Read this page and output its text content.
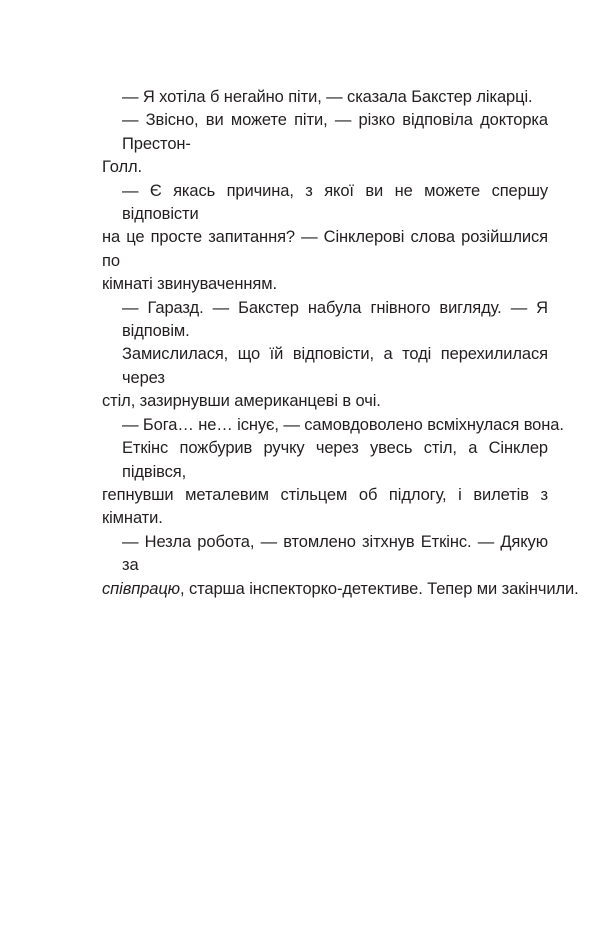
— Я хотіла б негайно піти, — сказала Бакстер лікарці.

— Звісно, ви можете піти, — різко відповіла докторка Престон-
Голл.

— Є якась причина, з якої ви не можете спершу відповісти
на це просте запитання? — Сінклерові слова розійшлися по
кімнаті звинуваченням.

— Гаразд. — Бакстер набула гнівного вигляду. — Я відповім.

Замислилася, що їй відповісти, а тоді перехилилася через
стіл, зазирнувши американцеві в очі.

— Бога… не… існує, — самовдоволено всміхнулася вона.

Еткінс пожбурив ручку через увесь стіл, а Сінклер підвівся,
гепнувши металевим стільцем об підлогу, і вилетів з кімнати.

— Незла робота, — втомлено зітхнув Еткінс. — Дякую за
співпрацю, старша інспекторко-детективе. Тепер ми закінчили.
